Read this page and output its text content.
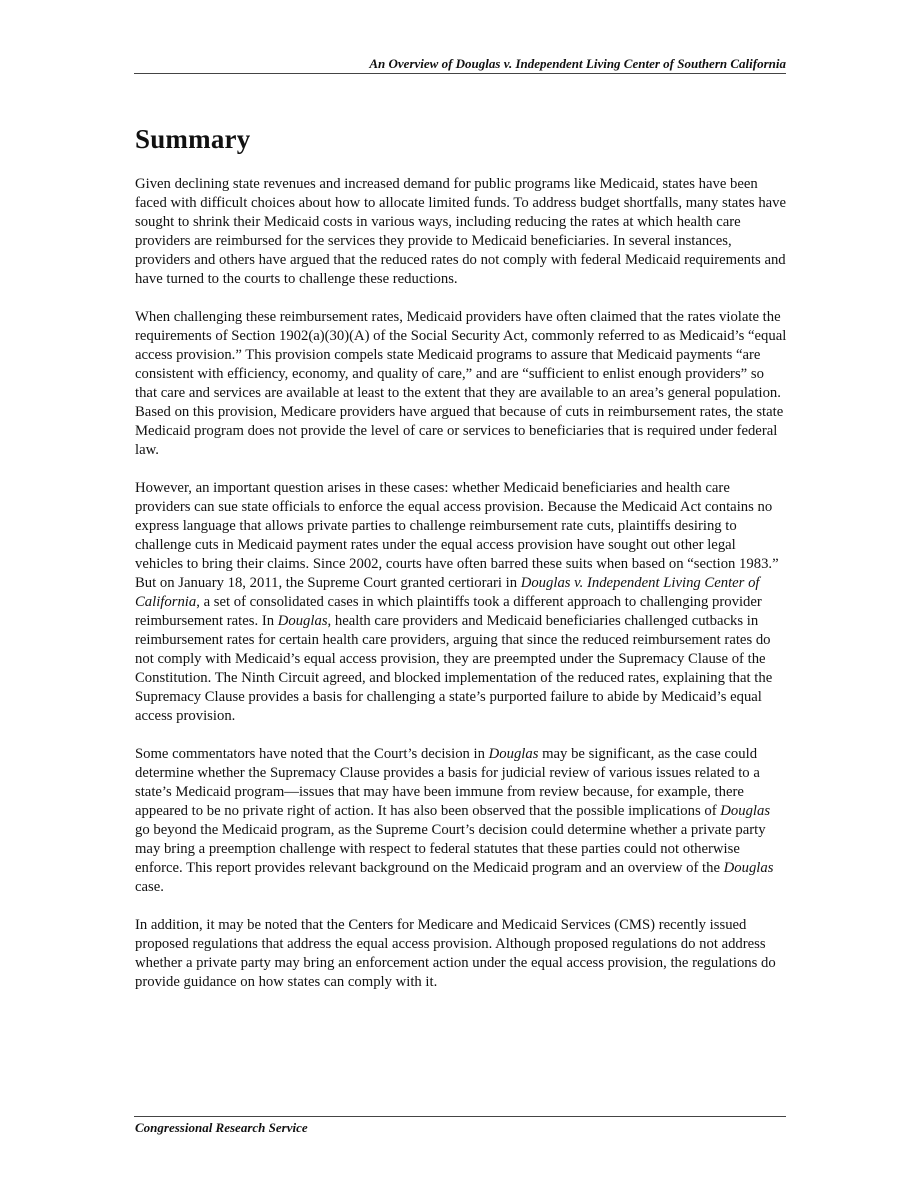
An Overview of Douglas v. Independent Living Center of Southern California
Summary

Given declining state revenues and increased demand for public programs like Medicaid, states have been faced with difficult choices about how to allocate limited funds. To address budget shortfalls, many states have sought to shrink their Medicaid costs in various ways, including reducing the rates at which health care providers are reimbursed for the services they provide to Medicaid beneficiaries. In several instances, providers and others have argued that the reduced rates do not comply with federal Medicaid requirements and have turned to the courts to challenge these reductions.

When challenging these reimbursement rates, Medicaid providers have often claimed that the rates violate the requirements of Section 1902(a)(30)(A) of the Social Security Act, commonly referred to as Medicaid’s “equal access provision.” This provision compels state Medicaid programs to assure that Medicaid payments “are consistent with efficiency, economy, and quality of care,” and are “sufficient to enlist enough providers” so that care and services are available at least to the extent that they are available to an area’s general population. Based on this provision, Medicare providers have argued that because of cuts in reimbursement rates, the state Medicaid program does not provide the level of care or services to beneficiaries that is required under federal law.

However, an important question arises in these cases: whether Medicaid beneficiaries and health care providers can sue state officials to enforce the equal access provision. Because the Medicaid Act contains no express language that allows private parties to challenge reimbursement rate cuts, plaintiffs desiring to challenge cuts in Medicaid payment rates under the equal access provision have sought out other legal vehicles to bring their claims. Since 2002, courts have often barred these suits when based on “section 1983.” But on January 18, 2011, the Supreme Court granted certiorari in Douglas v. Independent Living Center of California, a set of consolidated cases in which plaintiffs took a different approach to challenging provider reimbursement rates. In Douglas, health care providers and Medicaid beneficiaries challenged cutbacks in reimbursement rates for certain health care providers, arguing that since the reduced reimbursement rates do not comply with Medicaid’s equal access provision, they are preempted under the Supremacy Clause of the Constitution. The Ninth Circuit agreed, and blocked implementation of the reduced rates, explaining that the Supremacy Clause provides a basis for challenging a state’s purported failure to abide by Medicaid’s equal access provision.

Some commentators have noted that the Court’s decision in Douglas may be significant, as the case could determine whether the Supremacy Clause provides a basis for judicial review of various issues related to a state’s Medicaid program—issues that may have been immune from review because, for example, there appeared to be no private right of action. It has also been observed that the possible implications of Douglas go beyond the Medicaid program, as the Supreme Court’s decision could determine whether a private party may bring a preemption challenge with respect to federal statutes that these parties could not otherwise enforce. This report provides relevant background on the Medicaid program and an overview of the Douglas case.

In addition, it may be noted that the Centers for Medicare and Medicaid Services (CMS) recently issued proposed regulations that address the equal access provision. Although proposed regulations do not address whether a private party may bring an enforcement action under the equal access provision, the regulations do provide guidance on how states can comply with it.

Congressional Research Service
